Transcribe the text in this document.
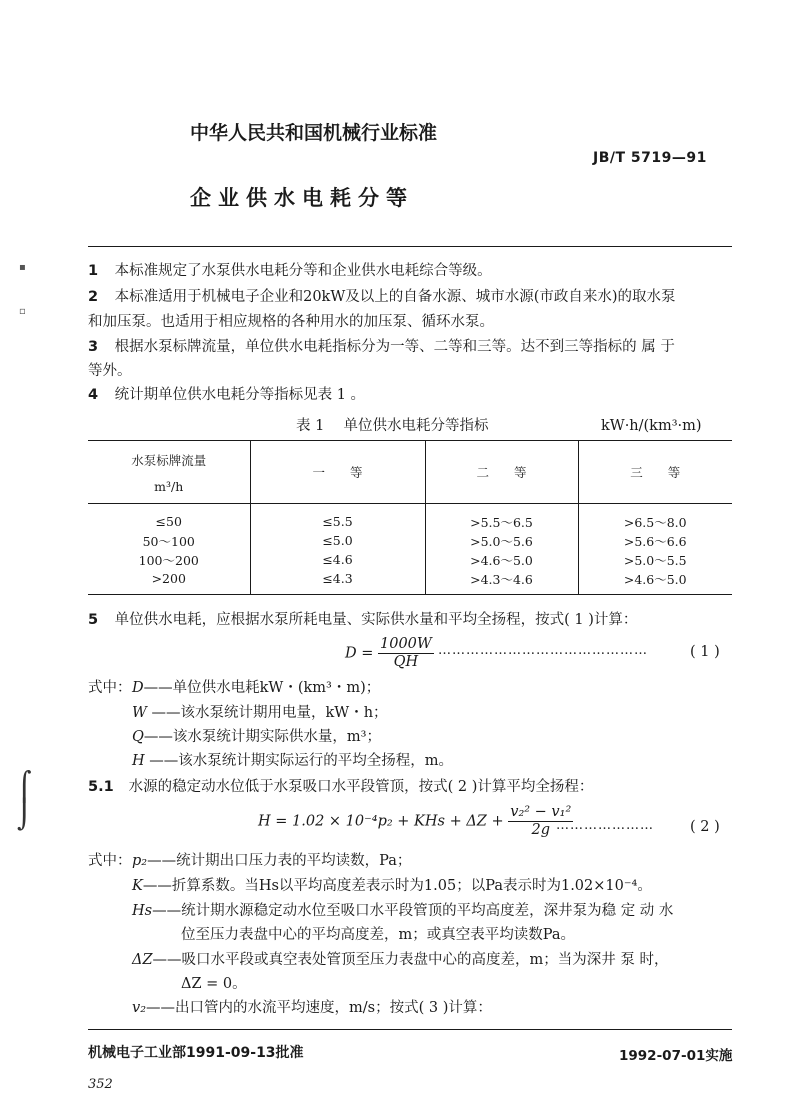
中华人民共和国机械行业标准
JB/T 5719—91
企业供水电耗分等
▪
▫
1 本标准规定了水泵供水电耗分等和企业供水电耗综合等级。
2 本标准适用于机械电子企业和20kW及以上的自备水源、城市水源(市政自来水)的取水泵
和加压泵。也适用于相应规格的各种用水的加压泵、循环水泵。
3 根据水泵标牌流量，单位供水电耗指标分为一等、二等和三等。达不到三等指标的 属 于
等外。
4 统计期单位供水电耗分等指标见表 1 。
表 1　 单位供水电耗分等指标	kW·h/(km³·m)
水泵标牌流量
m³/h	一　　等	二　　等	三　　等
≤50	≤5.5	>5.5～6.5	>6.5～8.0
50～100	≤5.0	>5.0～5.6	>5.6～6.6
100～200	≤4.6	>4.6～5.0	>5.0～5.5
>200	≤4.3	>4.3～4.6	>4.6～5.0
5 单位供水电耗，应根据水泵所耗电量、实际供水量和平均全扬程，按式( 1 )计算：
$D = \frac{1000W}{QH}$ ………………………………………	( 1 )
式中： D——单位供水电耗kW・(km³・m)；
W ——该水泵统计期用电量，kW・h；
Q——该水泵统计期实际供水量，m³；
H ——该水泵统计期实际运行的平均全扬程，m。
⌠
⌡
5.1 水源的稳定动水位低于水泵吸口水平段管顶，按式( 2 )计算平均全扬程：
H = 1.02 × 10⁻⁴p₂ + KHs + $\Delta Z + \frac{\text{v₂² − v₁²}}{2g}$
………………… ( 2 )
式中： p₂——统计期出口压力表的平均读数，Pa；
K——折算系数。当Hs以平均高度差表示时为1.05；以Pa表示时为1.02×10⁻⁴。
Hs——统计期水源稳定动水位至吸口水平段管顶的平均高度差，深井泵为稳 定 动 水
位至压力表盘中心的平均高度差，m；或真空表平均读数Pa。
ΔZ——吸口水平段或真空表处管顶至压力表盘中心的高度差，m；当为深井 泵 时，
ΔZ = 0。
v₂——出口管内的水流平均速度，m/s；按式( 3 )计算：
机械电子工业部1991-09-13批准	1992-07-01实施
352
